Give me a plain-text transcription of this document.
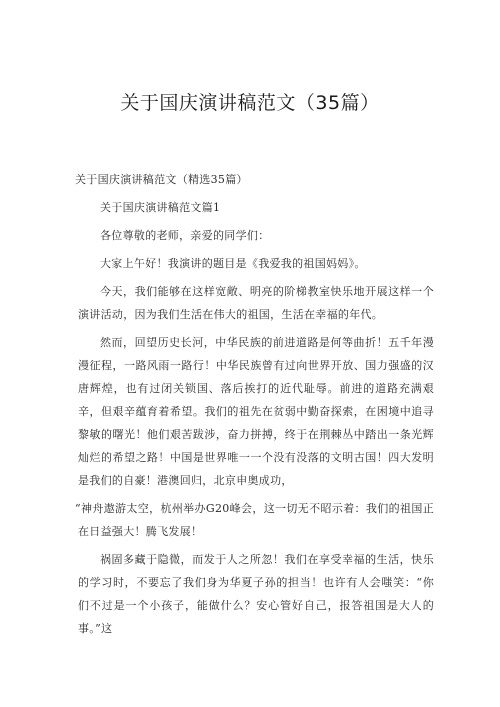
关于国庆演讲稿范文（35篇）

关于国庆演讲稿范文（精选35篇）

关于国庆演讲稿范文篇1

各位尊敬的老师，亲爱的同学们：

大家上午好！我演讲的题目是《我爱我的祖国妈妈》。

今天，我们能够在这样宽敞、明亮的阶梯教室快乐地开展这样一个演讲活动，因为我们生活在伟大的祖国，生活在幸福的年代。

然而，回望历史长河，中华民族的前进道路是何等曲折！五千年漫漫征程，一路风雨一路行！中华民族曾有过向世界开放、国力强盛的汉唐辉煌，也有过闭关锁国、落后挨打的近代耻辱。前进的道路充满艰辛，但艰辛蕴育着希望。我们的祖先在贫弱中勤奋探索，在困境中追寻黎敏的曙光！他们艰苦跋涉，奋力拼搏，终于在荆棘丛中踏出一条光辉灿烂的希望之路！中国是世界唯一一个没有没落的文明古国！四大发明是我们的自豪！港澳回归，北京申奥成功，

“神舟遨游太空，杭州举办G20峰会，这一切无不昭示着：我们的祖国正在日益强大！腾飞发展！

祸固多藏于隐微，而发于人之所忽！我们在享受幸福的生活，快乐的学习时，不要忘了我们身为华夏子孙的担当！也许有人会嗤笑：“你们不过是一个小孩子，能做什么？安心管好自己，报答祖国是大人的事。”这
